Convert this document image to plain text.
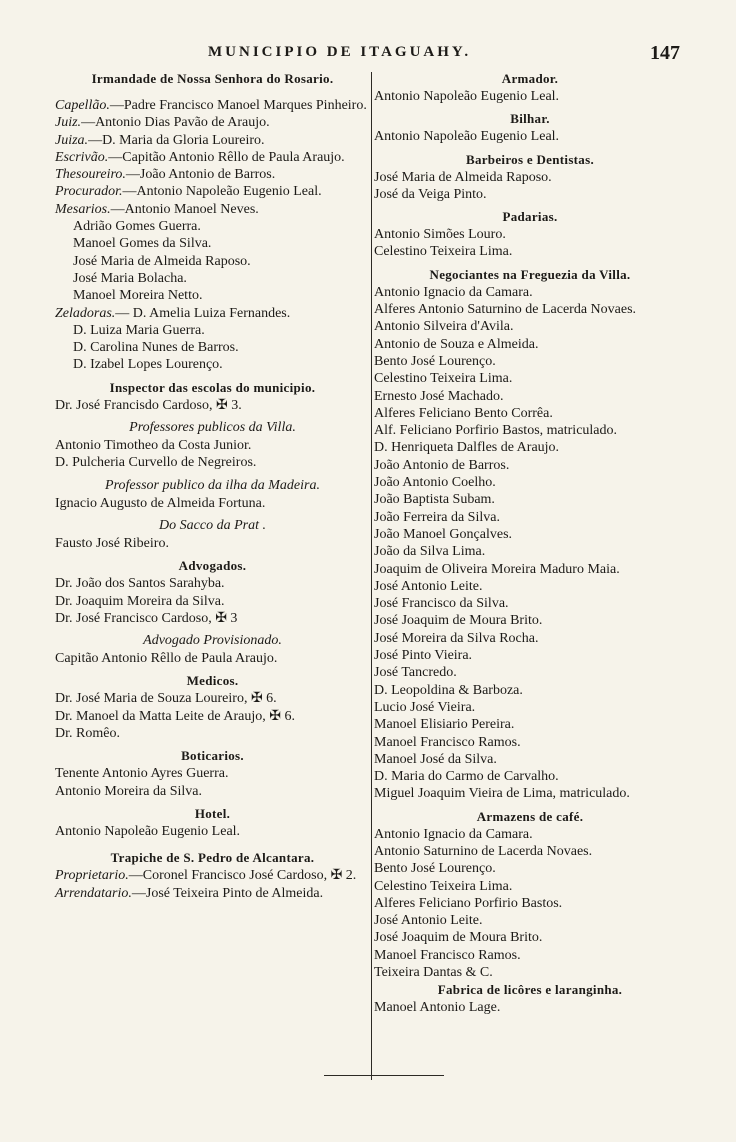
MUNICIPIO DE ITAGUAHY.	147
Irmandade de Nossa Senhora do Rosario.
Capellão.—Padre Francisco Manoel Marques Pinheiro.
Juiz.—Antonio Dias Pavão de Araujo.
Juiza.—D. Maria da Gloria Loureiro.
Escrivão.—Capitão Antonio Rêllo de Paula Araujo.
Thesoureiro.—João Antonio de Barros.
Procurador.—Antonio Napoleão Eugenio Leal.
Mesarios.—Antonio Manoel Neves.
Adrião Gomes Guerra.
Manoel Gomes da Silva.
José Maria de Almeida Raposo.
José Maria Bolacha.
Manoel Moreira Netto.
Zeladoras.— D. Amelia Luiza Fernandes.
D. Luiza Maria Guerra.
D. Carolina Nunes de Barros.
D. Izabel Lopes Lourenço.
Inspector das escolas do municipio.
Dr. José Francisdo Cardoso, ✠ 3.
Professores publicos da Villa.
Antonio Timotheo da Costa Junior.
D. Pulcheria Curvello de Negreiros.
Professor publico da ilha da Madeira.
Ignacio Augusto de Almeida Fortuna.
Do Sacco da Prat .
Fausto José Ribeiro.
Advogados.
Dr. João dos Santos Sarahyba.
Dr. Joaquim Moreira da Silva.
Dr. José Francisco Cardoso, ✠ 3
Advogado Provisionado.
Capitão Antonio Rêllo de Paula Araujo.
Medicos.
Dr. José Maria de Souza Loureiro, ✠ 6.
Dr. Manoel da Matta Leite de Araujo, ✠ 6.
Dr. Romêo.
Boticarios.
Tenente Antonio Ayres Guerra.
Antonio Moreira da Silva.
Hotel.
Antonio Napoleão Eugenio Leal.
Trapiche de S. Pedro de Alcantara.
Proprietario.—Coronel Francisco José Cardoso, ✠ 2.
Arrendatario.—José Teixeira Pinto de Almeida.
Armador.
Antonio Napoleão Eugenio Leal.
Bilhar.
Antonio Napoleão Eugenio Leal.
Barbeiros e Dentistas.
José Maria de Almeida Raposo.
José da Veiga Pinto.
Padarias.
Antonio Simões Louro.
Celestino Teixeira Lima.
Negociantes na Freguezia da Villa.
Antonio Ignacio da Camara.
Alferes Antonio Saturnino de Lacerda Novaes.
Antonio Silveira d'Avila.
Antonio de Souza e Almeida.
Bento José Lourenço.
Celestino Teixeira Lima.
Ernesto José Machado.
Alferes Feliciano Bento Corrêa.
Alf. Feliciano Porfirio Bastos, matriculado.
D. Henriqueta Dalfles de Araujo.
João Antonio de Barros.
João Antonio Coelho.
João Baptista Subam.
João Ferreira da Silva.
João Manoel Gonçalves.
João da Silva Lima.
Joaquim de Oliveira Moreira Maduro Maia.
José Antonio Leite.
José Francisco da Silva.
José Joaquim de Moura Brito.
José Moreira da Silva Rocha.
José Pinto Vieira.
José Tancredo.
D. Leopoldina & Barboza.
Lucio José Vieira.
Manoel Elisiario Pereira.
Manoel Francisco Ramos.
Manoel José da Silva.
D. Maria do Carmo de Carvalho.
Miguel Joaquim Vieira de Lima, matriculado.
Armazens de café.
Antonio Ignacio da Camara.
Antonio Saturnino de Lacerda Novaes.
Bento José Lourenço.
Celestino Teixeira Lima.
Alferes Feliciano Porfirio Bastos.
José Antonio Leite.
José Joaquim de Moura Brito.
Manoel Francisco Ramos.
Teixeira Dantas & C.
Fabrica de licôres e laranginha.
Manoel Antonio Lage.
